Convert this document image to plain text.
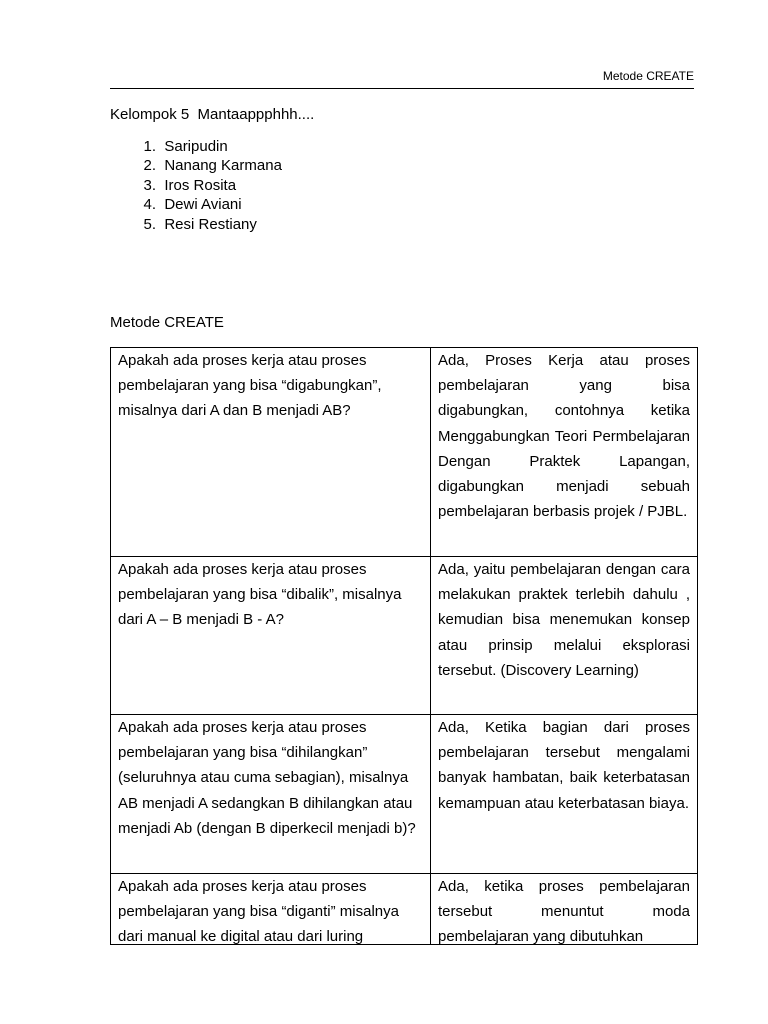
Metode CREATE
Kelompok 5  Mantaappphhh....
1. Saripudin
2. Nanang Karmana
3. Iros Rosita
4. Dewi Aviani
5. Resi Restiany
Metode CREATE
Apakah ada proses kerja atau proses pembelajaran yang bisa “digabungkan”, misalnya dari A dan B menjadi AB?	Ada, Proses Kerja atau proses pembelajaran yang bisa digabungkan, contohnya ketika Menggabungkan Teori Permbelajaran Dengan Praktek Lapangan, digabungkan menjadi sebuah pembelajaran berbasis projek / PJBL.
Apakah ada proses kerja atau proses pembelajaran yang bisa “dibalik”, misalnya dari A – B menjadi B - A?	Ada, yaitu pembelajaran dengan cara melakukan praktek terlebih dahulu , kemudian bisa menemukan konsep atau prinsip melalui eksplorasi tersebut. (Discovery Learning)
Apakah ada proses kerja atau proses pembelajaran yang bisa “dihilangkan” (seluruhnya atau cuma sebagian), misalnya AB menjadi A sedangkan B dihilangkan atau menjadi Ab (dengan B diperkecil menjadi b)?	Ada, Ketika bagian dari proses pembelajaran tersebut mengalami banyak hambatan, baik keterbatasan kemampuan atau keterbatasan biaya.

Apakah ada proses kerja atau proses pembelajaran yang bisa “diganti” misalnya dari manual ke digital atau dari luring	Ada, ketika proses pembelajaran tersebut menuntut moda pembelajaran yang dibutuhkan
